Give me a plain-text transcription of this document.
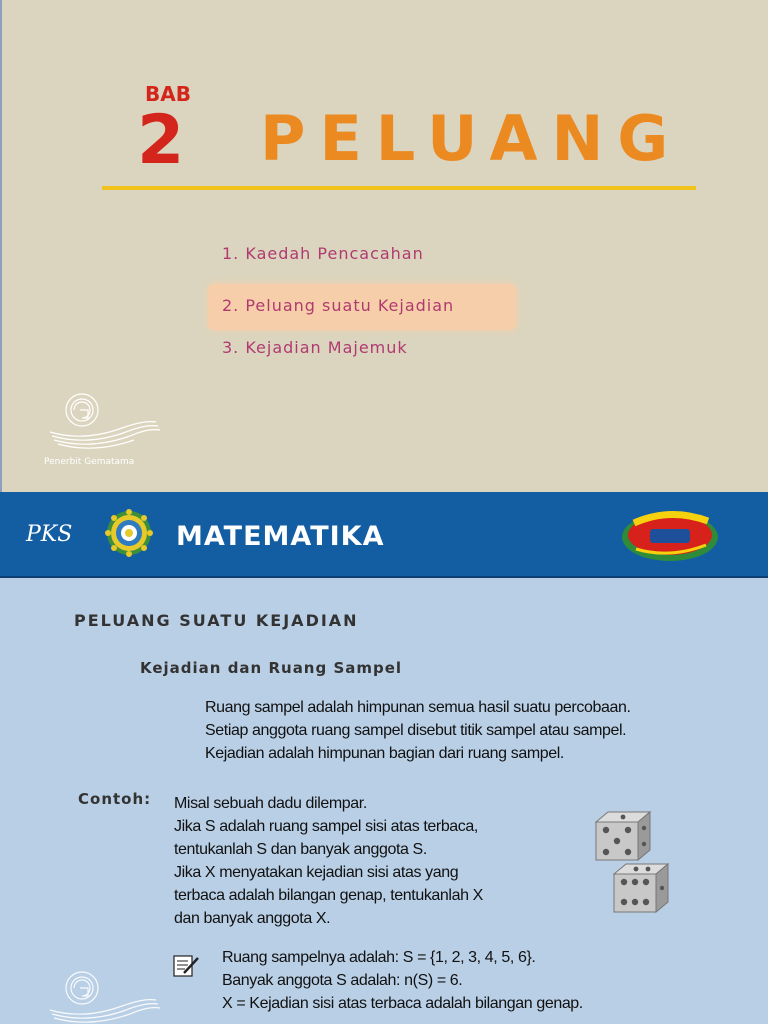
BAB
2 PELUANG
1. Kaedah Pencacahan
2. Peluang suatu Kejadian
3. Kejadian Majemuk
Penerbit Gematama
PKS	MATEMATIKA
PELUANG SUATU KEJADIAN
Kejadian dan Ruang Sampel
Ruang sampel adalah himpunan semua hasil suatu percobaan.
Setiap anggota ruang sampel disebut titik sampel atau sampel.
Kejadian adalah himpunan bagian dari ruang sampel.
Contoh: Misal sebuah dadu dilempar.
Jika S adalah ruang sampel sisi atas terbaca,
tentukanlah S dan banyak anggota S.
Jika X menyatakan kejadian sisi atas yang
terbaca adalah bilangan genap, tentukanlah X
dan banyak anggota X.
Ruang sampelnya adalah: S = {1, 2, 3, 4, 5, 6}.
Banyak anggota S adalah: n(S) = 6.
X = Kejadian sisi atas terbaca adalah bilangan genap.
